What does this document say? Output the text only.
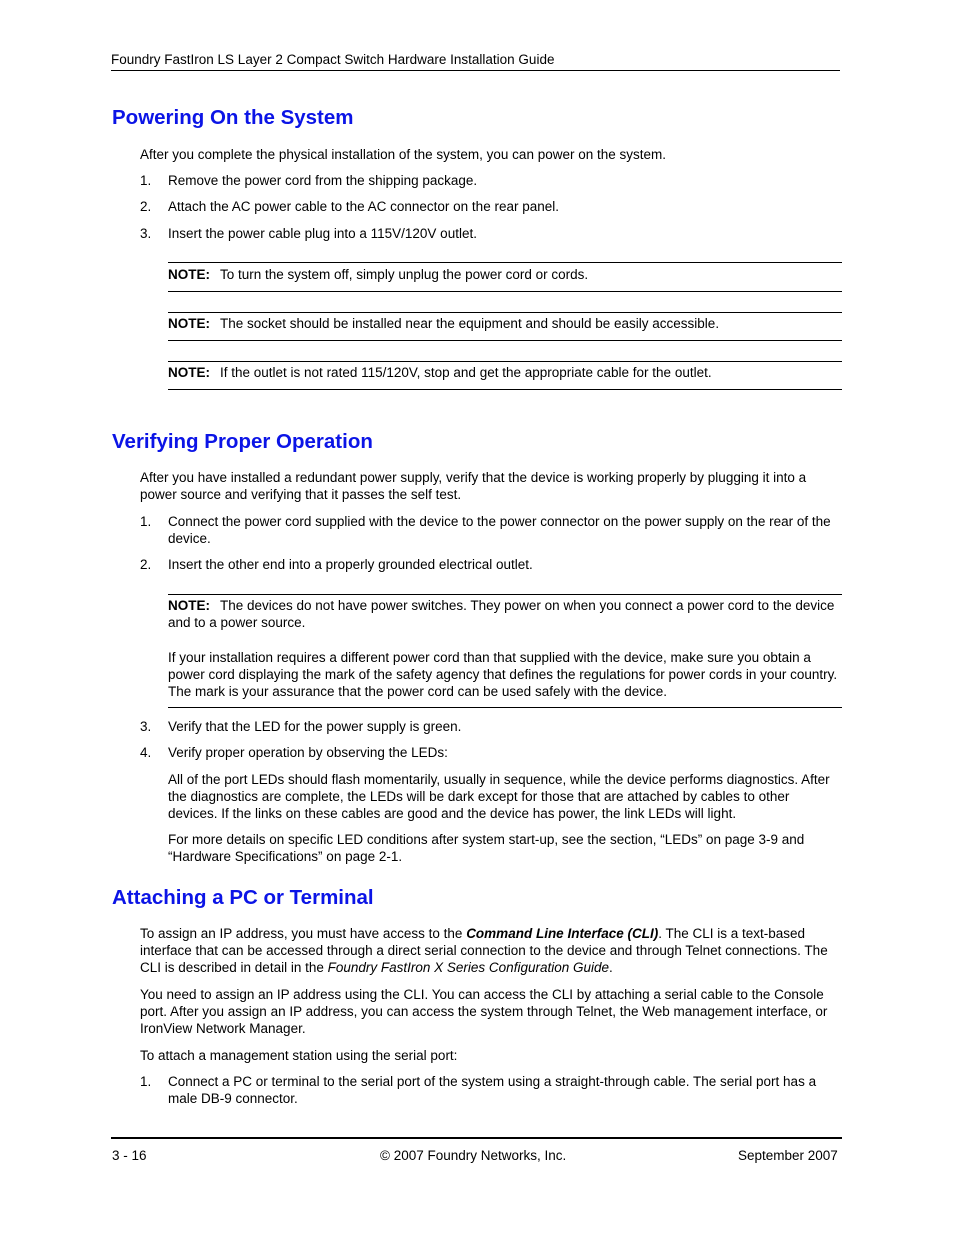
Foundry FastIron LS Layer 2 Compact Switch Hardware Installation Guide
Powering On the System

After you complete the physical installation of the system, you can power on the system.

1. Remove the power cord from the shipping package.

2. Attach the AC power cable to the AC connector on the rear panel.

3. Insert the power cable plug into a 115V/120V outlet.

NOTE: To turn the system off, simply unplug the power cord or cords.

NOTE: The socket should be installed near the equipment and should be easily accessible.

NOTE: If the outlet is not rated 115/120V, stop and get the appropriate cable for the outlet.

Verifying Proper Operation

After you have installed a redundant power supply, verify that the device is working properly by plugging it into a power source and verifying that it passes the self test.

1. Connect the power cord supplied with the device to the power connector on the power supply on the rear of the device.

2. Insert the other end into a properly grounded electrical outlet.

NOTE: The devices do not have power switches. They power on when you connect a power cord to the device and to a power source.

If your installation requires a different power cord than that supplied with the device, make sure you obtain a power cord displaying the mark of the safety agency that defines the regulations for power cords in your country. The mark is your assurance that the power cord can be used safely with the device.

3. Verify that the LED for the power supply is green.

4. Verify proper operation by observing the LEDs:

All of the port LEDs should flash momentarily, usually in sequence, while the device performs diagnostics. After the diagnostics are complete, the LEDs will be dark except for those that are attached by cables to other devices. If the links on these cables are good and the device has power, the link LEDs will light.

For more details on specific LED conditions after system start-up, see the section, “LEDs” on page 3-9 and “Hardware Specifications” on page 2-1.

Attaching a PC or Terminal

To assign an IP address, you must have access to the Command Line Interface (CLI). The CLI is a text-based interface that can be accessed through a direct serial connection to the device and through Telnet connections. The CLI is described in detail in the Foundry FastIron X Series Configuration Guide.

You need to assign an IP address using the CLI. You can access the CLI by attaching a serial cable to the Console port. After you assign an IP address, you can access the system through Telnet, the Web management interface, or IronView Network Manager.

To attach a management station using the serial port:

1. Connect a PC or terminal to the serial port of the system using a straight-through cable. The serial port has a male DB-9 connector.

3 - 16	© 2007 Foundry Networks, Inc.	September 2007
